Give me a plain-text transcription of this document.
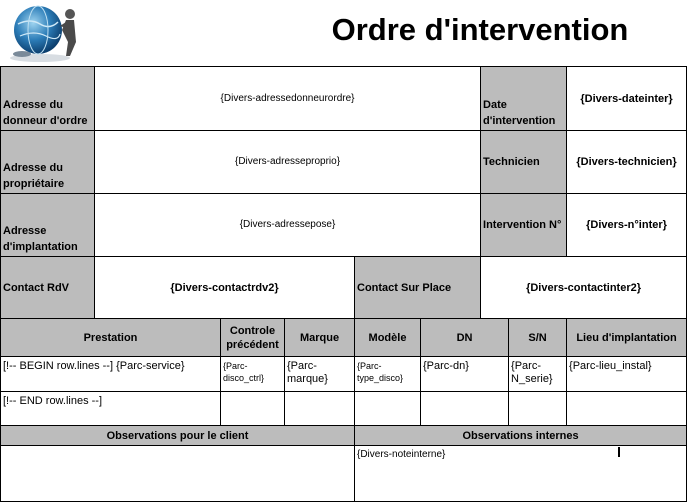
Ordre d'intervention
Adresse du donneur d'ordre	{Divers-adressedonneurordre}					Date d'intervention		{Divers-dateinter}
Adresse du propriétaire	{Divers-adresseproprio}					Technicien		{Divers-technicien}
Adresse d'implantation	{Divers-adressepose}					Intervention N°		{Divers-n°inter}
Contact RdV	{Divers-contactrdv2}			Contact Sur Place		{Divers-contactinter2}		
Prestation		Controle précédent	Marque	Modèle	DN		S/N	Lieu d'implantation
[!-- BEGIN row.lines --] {Parc-service}		{Parc-disco_ctrl}	{Parc-marque}	{Parc-type_disco}	{Parc-dn}		{Parc-N_serie}	{Parc-lieu_instal}
[!-- END row.lines --]								
Observations pour le client				Observations internes				
				{Divers-noteinterne}				
